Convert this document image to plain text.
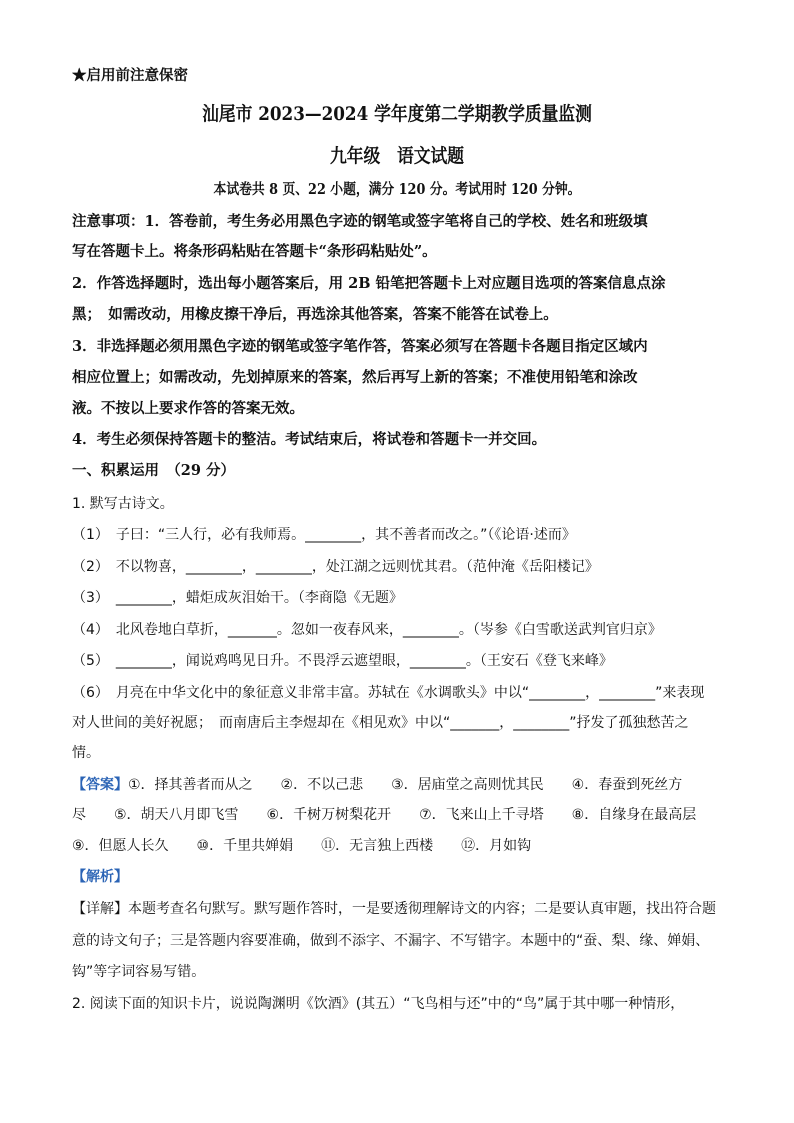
★启用前注意保密
汕尾市 2023—2024 学年度第二学期教学质量监测
九年级　语文试题
本试卷共 8 页、22 小题，满分 120 分。考试用时 120 分钟。
注意事项：1．答卷前，考生务必用黑色字迹的钢笔或签字笔将自己的学校、姓名和班级填
写在答题卡上。将条形码粘贴在答题卡“条形码粘贴处”。
2．作答选择题时，选出每小题答案后，用 2B 铅笔把答题卡上对应题目选项的答案信息点涂
黑；　如需改动，用橡皮擦干净后，再选涂其他答案，答案不能答在试卷上。
3．非选择题必须用黑色字迹的钢笔或签字笔作答，答案必须写在答题卡各题目指定区域内
相应位置上；如需改动，先划掉原来的答案，然后再写上新的答案；不准使用铅笔和涂改
液。不按以上要求作答的答案无效。
4．考生必须保持答题卡的整洁。考试结束后，将试卷和答题卡一并交回。
一、积累运用　（29 分）
1. 默写古诗文。
（1）　子曰：“三人行，必有我师焉。________，其不善者而改之。”（《论语·述而》
（2）　不以物喜，________，________，处江湖之远则忧其君。（范仲淹《岳阳楼记》
（3）　________，蜡炬成灰泪始干。（李商隐《无题》
（4）　北风卷地白草折，_______。忽如一夜春风来，________。（岑参《白雪歌送武判官归京》
（5）　________，闻说鸡鸣见日升。不畏浮云遮望眼，________。（王安石《登飞来峰》
（6）　月亮在中华文化中的象征意义非常丰富。苏轼在《水调歌头》中以“________，________”来表现
对人世间的美好祝愿；　而南唐后主李煜却在《相见欢》中以“_______，________”抒发了孤独愁苦之
情。
【答案】①．择其善者而从之　　②．不以己悲　　③．居庙堂之高则忧其民　　④．春蚕到死丝方
尽　　⑤．胡天八月即飞雪　　⑥．千树万树梨花开　　⑦．飞来山上千寻塔　　⑧．自缘身在最高层
⑨．但愿人长久　　⑩．千里共婵娟　　⑪．无言独上西楼　　⑫．月如钩
【解析】
【详解】本题考查名句默写。默写题作答时，一是要透彻理解诗文的内容；二是要认真审题，找出符合题
意的诗文句子；三是答题内容要准确，做到不添字、不漏字、不写错字。本题中的“蚕、梨、缘、婵娟、
钩”等字词容易写错。
2. 阅读下面的知识卡片，说说陶渊明《饮酒》(其五）“飞鸟相与还”中的“鸟”属于其中哪一种情形，
